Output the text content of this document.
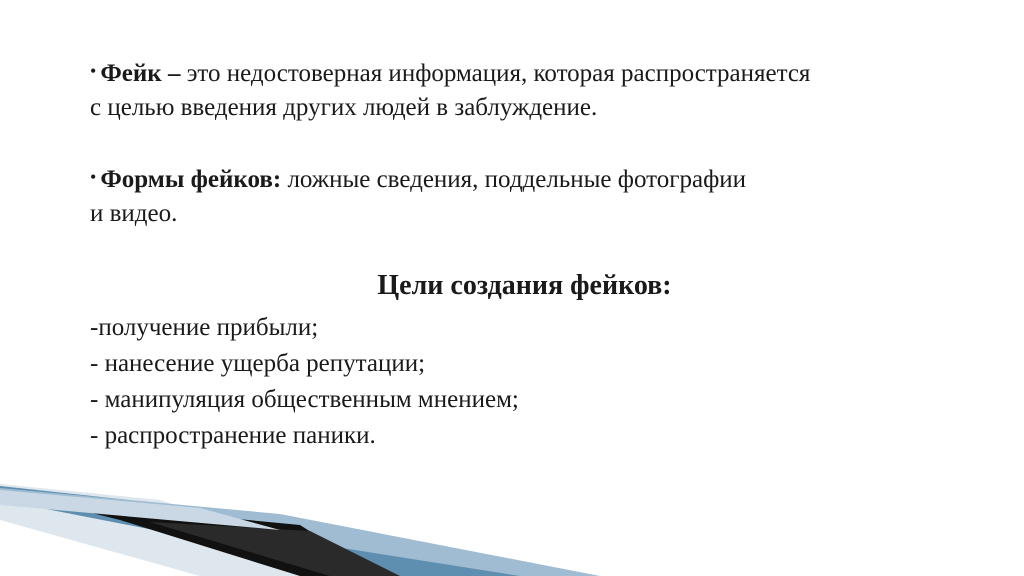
• Фейк – это недостоверная информация, которая распространяется
с целью введения других людей в заблуждение.
• Формы фейков: ложные сведения, поддельные фотографии
и видео.
Цели создания фейков:
-получение прибыли;
- нанесение ущерба репутации;
- манипуляция общественным мнением;
- распространение паники.
